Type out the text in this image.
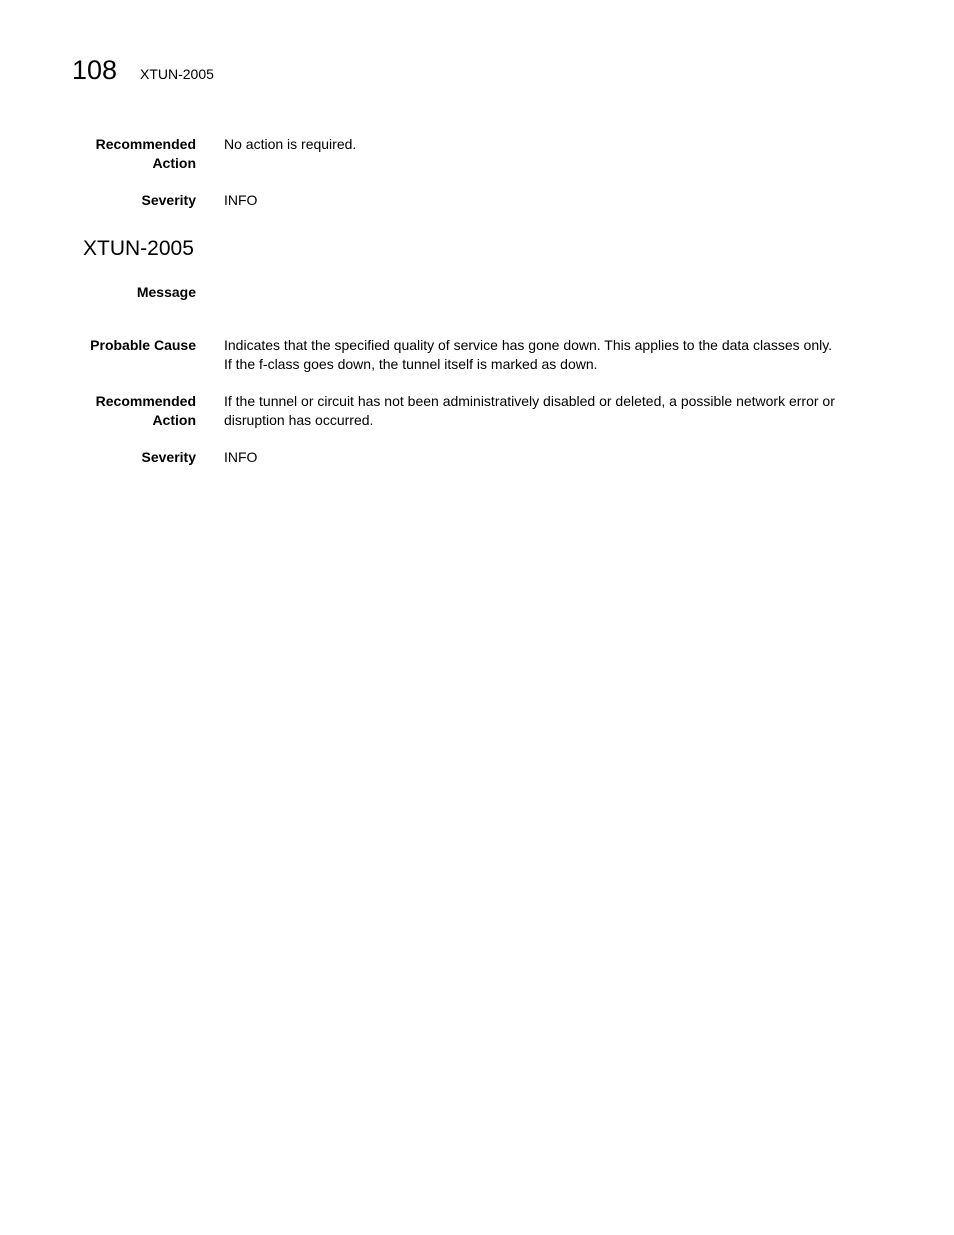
108 XTUN-2005
Recommended
Action
No action is required.
Severity INFO
XTUN-2005
Message
Probable Cause Indicates that the specified quality of service has gone down. This applies to the data classes only.
If the f-class goes down, the tunnel itself is marked as down.
Recommended
Action
If the tunnel or circuit has not been administratively disabled or deleted, a possible network error or
disruption has occurred.
Severity INFO
